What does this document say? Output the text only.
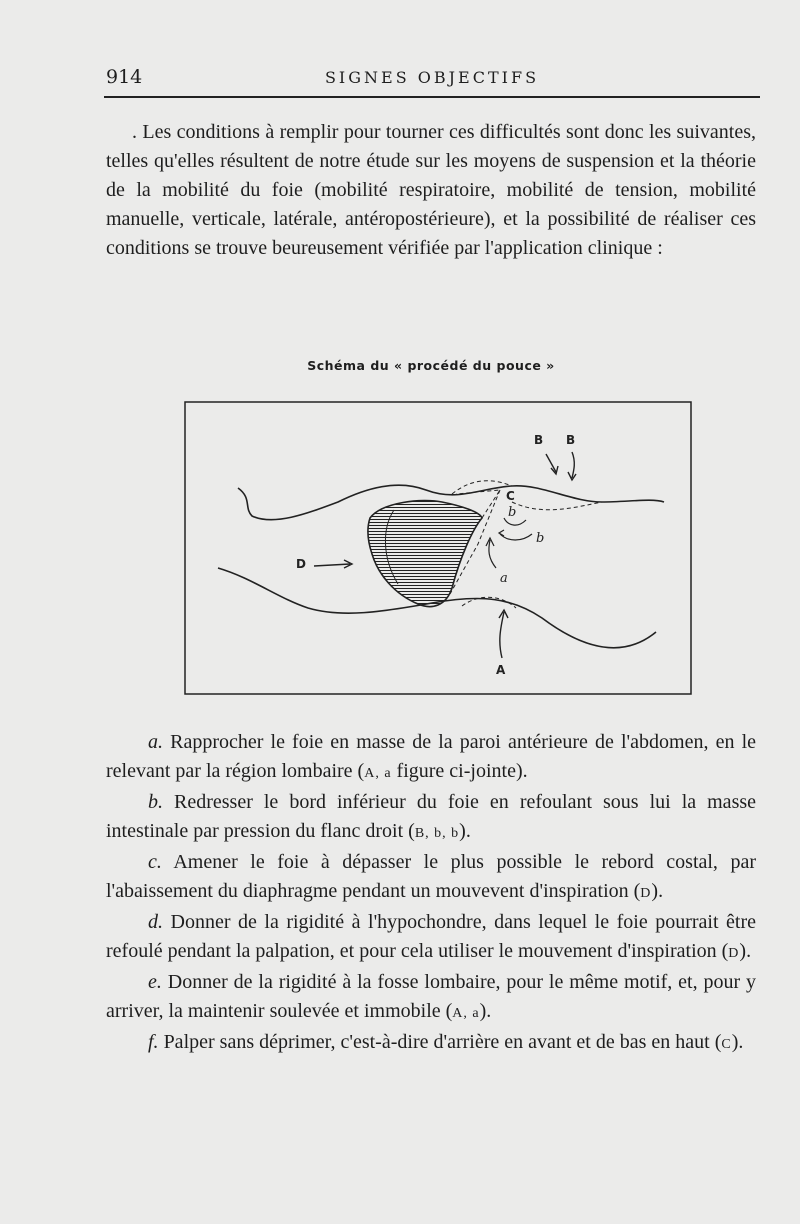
914	SIGNES OBJECTIFS

. Les conditions à remplir pour tourner ces difficultés sont donc les suivantes, telles qu'elles résultent de notre étude sur les moyens de suspension et la théorie de la mobilité du foie (mobilité respiratoire, mobilité de tension, mobilité manuelle, verticale, latérale, antéropostérieure), et la possibilité de réaliser ces conditions se trouve beureusement vérifiée par l'application clinique :

Schéma du « procédé du pouce »
B B
C
b
b
D
a
A

a. Rapprocher le foie en masse de la paroi antérieure de l'abdomen, en le relevant par la région lombaire (A, a figure ci-jointe).

b. Redresser le bord inférieur du foie en refoulant sous lui la masse intestinale par pression du flanc droit (B, b, b).

c. Amener le foie à dépasser le plus possible le rebord costal, par l'abaissement du diaphragme pendant un mouvevent d'inspiration (D).

d. Donner de la rigidité à l'hypochondre, dans lequel le foie pourrait être refoulé pendant la palpation, et pour cela utiliser le mouvement d'inspiration (D).

e. Donner de la rigidité à la fosse lombaire, pour le même motif, et, pour y arriver, la maintenir soulevée et immobile (A, a).

f. Palper sans déprimer, c'est-à-dire d'arrière en avant et de bas en haut (C).
